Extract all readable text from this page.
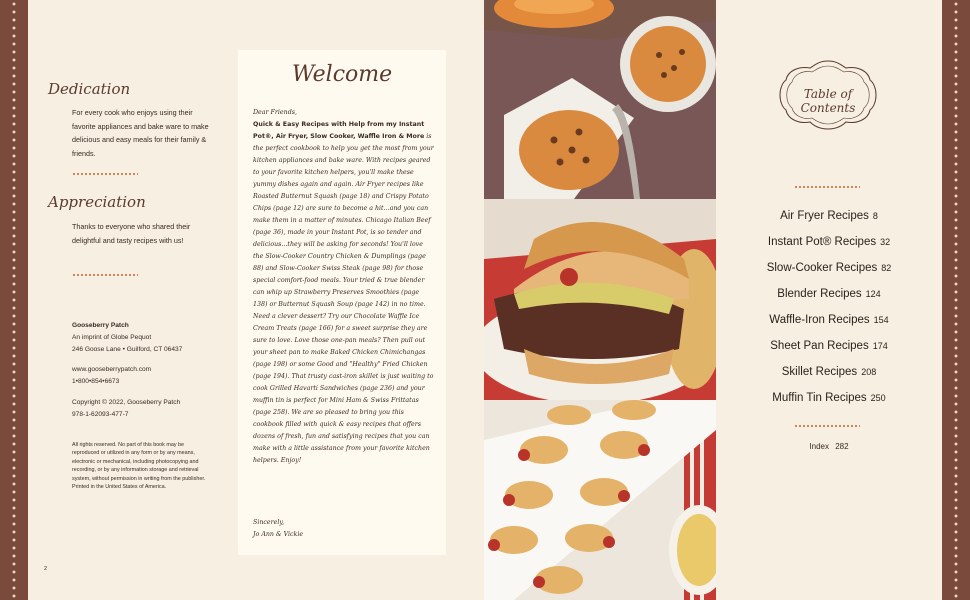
Dedication
For every cook who enjoys using their favorite appliances and bake ware to make delicious and easy meals for their family & friends.
Appreciation
Thanks to everyone who shared their delightful and tasty recipes with us!
Gooseberry Patch
An imprint of Globe Pequot
246 Goose Lane • Guilford, CT 06437
www.gooseberrypatch.com
1•800•854•6673
Copyright © 2022, Gooseberry Patch
978-1-62093-477-7
All rights reserved. No part of this book may be reproduced or utilized in any form or by any means, electronic or mechanical, including photocopying and recording, or by any information storage and retrieval system, without permission in writing from the publisher. Printed in the United States of America.
2
Welcome
Dear Friends,
Quick & Easy Recipes with Help from my Instant Pot®, Air Fryer, Slow Cooker, Waffle Iron & More is the perfect cookbook to help you get the most from your kitchen appliances and bake ware. With recipes geared to your favorite kitchen helpers, you'll make these yummy dishes again and again. Air Fryer recipes like Roasted Butternut Squash (page 18) and Crispy Potato Chips (page 12) are sure to become a hit...and you can make them in a matter of minutes. Chicago Italian Beef (page 36), made in your Instant Pot, is so tender and delicious...they will be asking for seconds! You'll love the Slow-Cooker Country Chicken & Dumplings (page 88) and Slow-Cooker Swiss Steak (page 98) for those special comfort-food meals. Your tried & true blender can whip up Strawberry Preserves Smoothies (page 138) or Butternut Squash Soup (page 142) in no time. Need a clever dessert? Try our Chocolate Waffle Ice Cream Treats (page 166) for a sweet surprise they are sure to love. Love those one-pan meals? Then pull out your sheet pan to make Baked Chicken Chimichangas (page 198) or some Good and "Healthy" Fried Chicken (page 194). That trusty cast-iron skillet is just waiting to cook Grilled Havarti Sandwiches (page 236) and your muffin tin is perfect for Mini Ham & Swiss Frittatas (page 258). We are so pleased to bring you this cookbook filled with quick & easy recipes that offers dozens of fresh, fun and satisfying recipes that you can make with a little assistance from your favorite kitchen helpers. Enjoy!
Sincerely,
Jo Ann & Vickie
Table of Contents
Air Fryer Recipes 8
Instant Pot® Recipes 32
Slow-Cooker Recipes 82
Blender Recipes 124
Waffle-Iron Recipes 154
Sheet Pan Recipes 174
Skillet Recipes 208
Muffin Tin Recipes 250
Index 282
